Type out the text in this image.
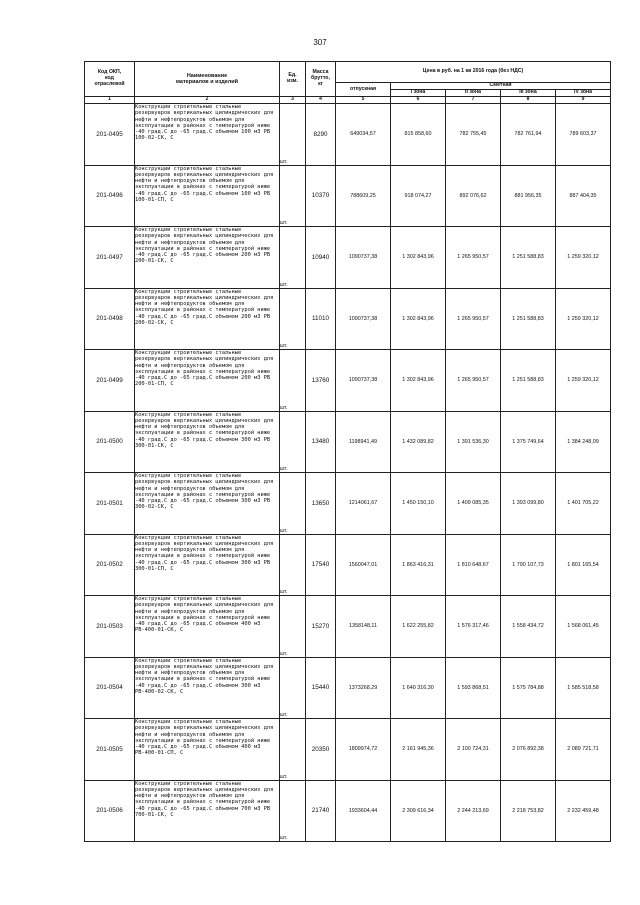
307
Код ОКП,
код
отраслевой	Наименование
материалов и изделий	Ед.
изм.	Масса
брутто,
кг	Цена в руб. на 1 кв 2016 года (без НДС)				
				отпускная	Сметная			
					I зона	II зона	III зона	IV зона
1	2	3	4	5	6	7	8	9
201-0495	Конструкции строительные стальные резервуаров вертикальных цилиндрических для нефти и нефтепродуктов объемом для эксплуатации в районах с температурой ниже -40 град.С до -65 град.С объемом 100 м3 РВ 100-02-СК, С	шт.	8290	649034,57	815 858,60	782 755,45	782 761,94	789 603,37
201-0496	Конструкции строительные стальные резервуаров вертикальных цилиндрических для нефти и нефтепродуктов объемом для эксплуатации в районах с температурой ниже -40 град.С до -65 град.С объемом 100 м3 РВ 100-01-СП, С	шт.	10370	788609,25	918 074,27	892 076,62	881 956,35	887 404,35
201-0497	Конструкции строительные стальные резервуаров вертикальных цилиндрических для нефти и нефтепродуктов объемом для эксплуатации в районах с температурой ниже -40 град.С до -65 град.С объемом 200 м3 РВ 200-01-СК, С	шт.	10940	1090737,38	1 302 843,96	1 265 950,57	1 251 588,83	1 259 320,12
201-0498	Конструкции строительные стальные резервуаров вертикальных цилиндрических для нефти и нефтепродуктов объемом для эксплуатации в районах с температурой ниже -40 град.С до -65 град.С объемом 200 м3 РВ 200-02-СК, С	шт.	11010	1090737,38	1 302 843,96	1 265 950,57	1 251 588,83	1 259 320,12
201-0499	Конструкции строительные стальные резервуаров вертикальных цилиндрических для нефти и нефтепродуктов объемом для эксплуатации в районах с температурой ниже -40 град.С до -65 град.С объемом 200 м3 РВ 200-01-СП, С	шт.	13760	1090737,38	1 302 843,96	1 265 950,57	1 251 588,83	1 259 320,12
201-0500	Конструкции строительные стальные резервуаров вертикальных цилиндрических для нефти и нефтепродуктов объемом для эксплуатации в районах с температурой ниже -40 град.С до -65 град.С объемом 300 м3 РВ 300-01-СК, С	шт.	13480	1198941,49	1 432 089,82	1 391 536,30	1 375 749,64	1 384 248,09
201-0501	Конструкции строительные стальные резервуаров вертикальных цилиндрических для нефти и нефтепродуктов объемом для эксплуатации в районах с температурой ниже -40 град.С до -65 град.С объемом 300 м3 РВ 300-02-СК, С	шт.	13650	1214061,67	1 450 150,10	1 409 085,35	1 393 099,80	1 401 705,22
201-0502	Конструкции строительные стальные резервуаров вертикальных цилиндрических для нефти и нефтепродуктов объемом для эксплуатации в районах с температурой ниже -40 град.С до -65 град.С объемом 300 м3 РВ 300-01-СП, С	шт.	17540	1560047,01	1 863 416,31	1 810 648,67	1 790 107,73	1 801 165,54
201-0503	Конструкции строительные стальные резервуаров вертикальных цилиндрических для нефти и нефтепродуктов объемом для эксплуатации в районах с температурой ниже -40 град.С до -65 град.С объемом 400 м3 РВ-400-01-СК, С	шт.	15270	1358148,11	1 622 255,82	1 576 317,46	1 558 434,72	1 568 061,45
201-0504	Конструкции строительные стальные резервуаров вертикальных цилиндрических для нефти и нефтепродуктов объемом для эксплуатации в районах с температурой ниже -40 град.С до -65 град.С объемом 300 м3 РВ-400-02-СК, С	шт.	15440	1373268,29	1 640 316,30	1 593 868,51	1 575 784,88	1 585 518,58
201-0505	Конструкции строительные стальные резервуаров вертикальных цилиндрических для нефти и нефтепродуктов объемом для эксплуатации в районах с температурой ниже -40 град.С до -65 град.С объемом 400 м3 РВ-400-01-СП, С	шт.	20350	1809974,72	2 161 945,36	2 100 724,31	2 076 892,38	2 089 721,71
201-0506	Конструкции строительные стальные резервуаров вертикальных цилиндрических для нефти и нефтепродуктов объемом для эксплуатации в районах с температурой ниже -40 град.С до -65 град.С объемом 700 м3 РВ 700-01-СК, С	шт.	21740	1933604,44	2 309 616,34	2 244 213,69	2 218 753,82	2 232 459,48
